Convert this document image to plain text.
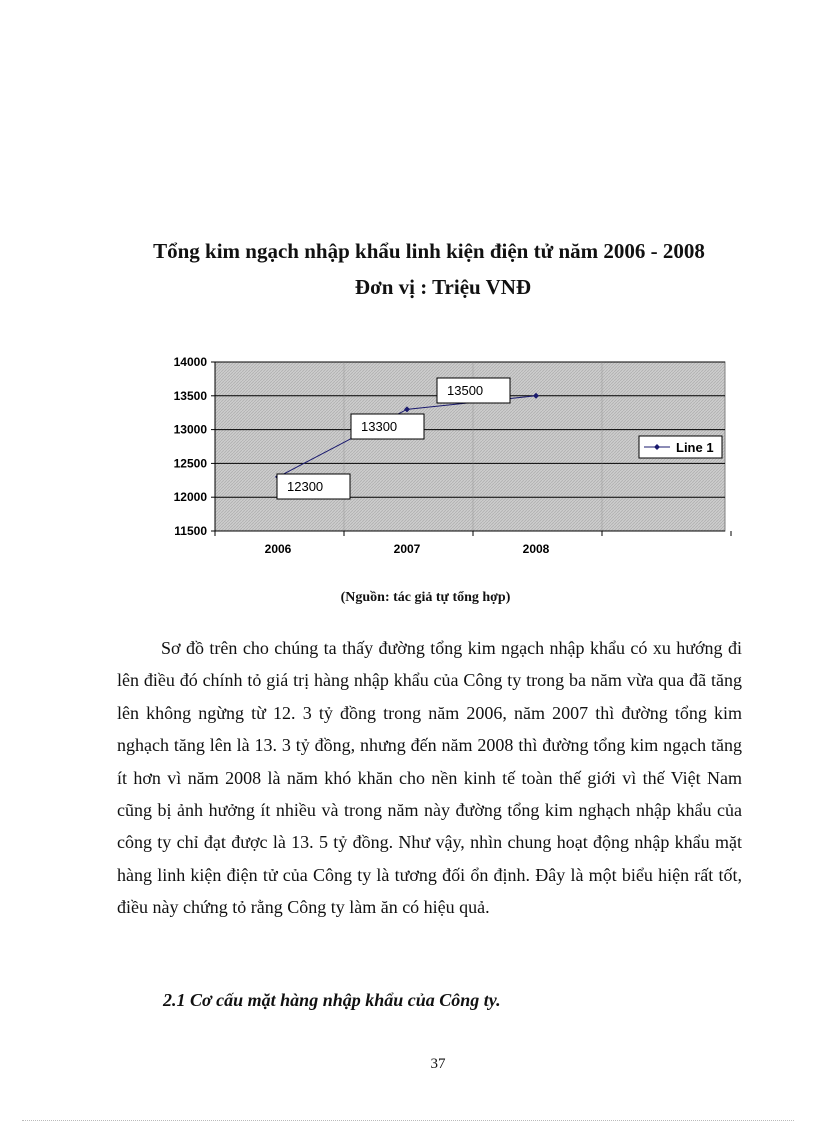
Tổng kim ngạch nhập khẩu linh kiện điện tử năm 2006 - 2008
Đơn vị : Triệu VNĐ
14000
13500
13000
12500
12000
11500
2006	2007	2008
12300
13300
13500
Line 1
(Nguồn: tác giả tự tổng hợp)

Sơ đồ trên cho chúng ta thấy đường tổng kim ngạch nhập khẩu có xu hướng đi lên điều đó chính tỏ giá trị hàng nhập khẩu của Công ty trong ba năm vừa qua đã tăng lên không ngừng từ 12. 3 tỷ đồng trong năm 2006, năm 2007 thì đường tổng kim nghạch tăng lên là 13. 3 tỷ đồng, nhưng đến năm 2008 thì đường tổng kim ngạch tăng ít hơn vì năm 2008 là năm khó khăn cho nền kinh tế toàn thế giới vì thế Việt Nam cũng bị ảnh hưởng ít nhiều và trong năm này đường tổng kim nghạch nhập khẩu của công ty chỉ đạt được là 13. 5 tỷ đồng. Như vậy, nhìn chung hoạt động nhập khẩu mặt hàng linh kiện điện tử của Công ty là tương đối ổn định. Đây là một biểu hiện rất tốt, điều này chứng tỏ rằng Công ty làm ăn có hiệu quả.

2.1 Cơ cấu mặt hàng nhập khẩu của Công ty.
37
